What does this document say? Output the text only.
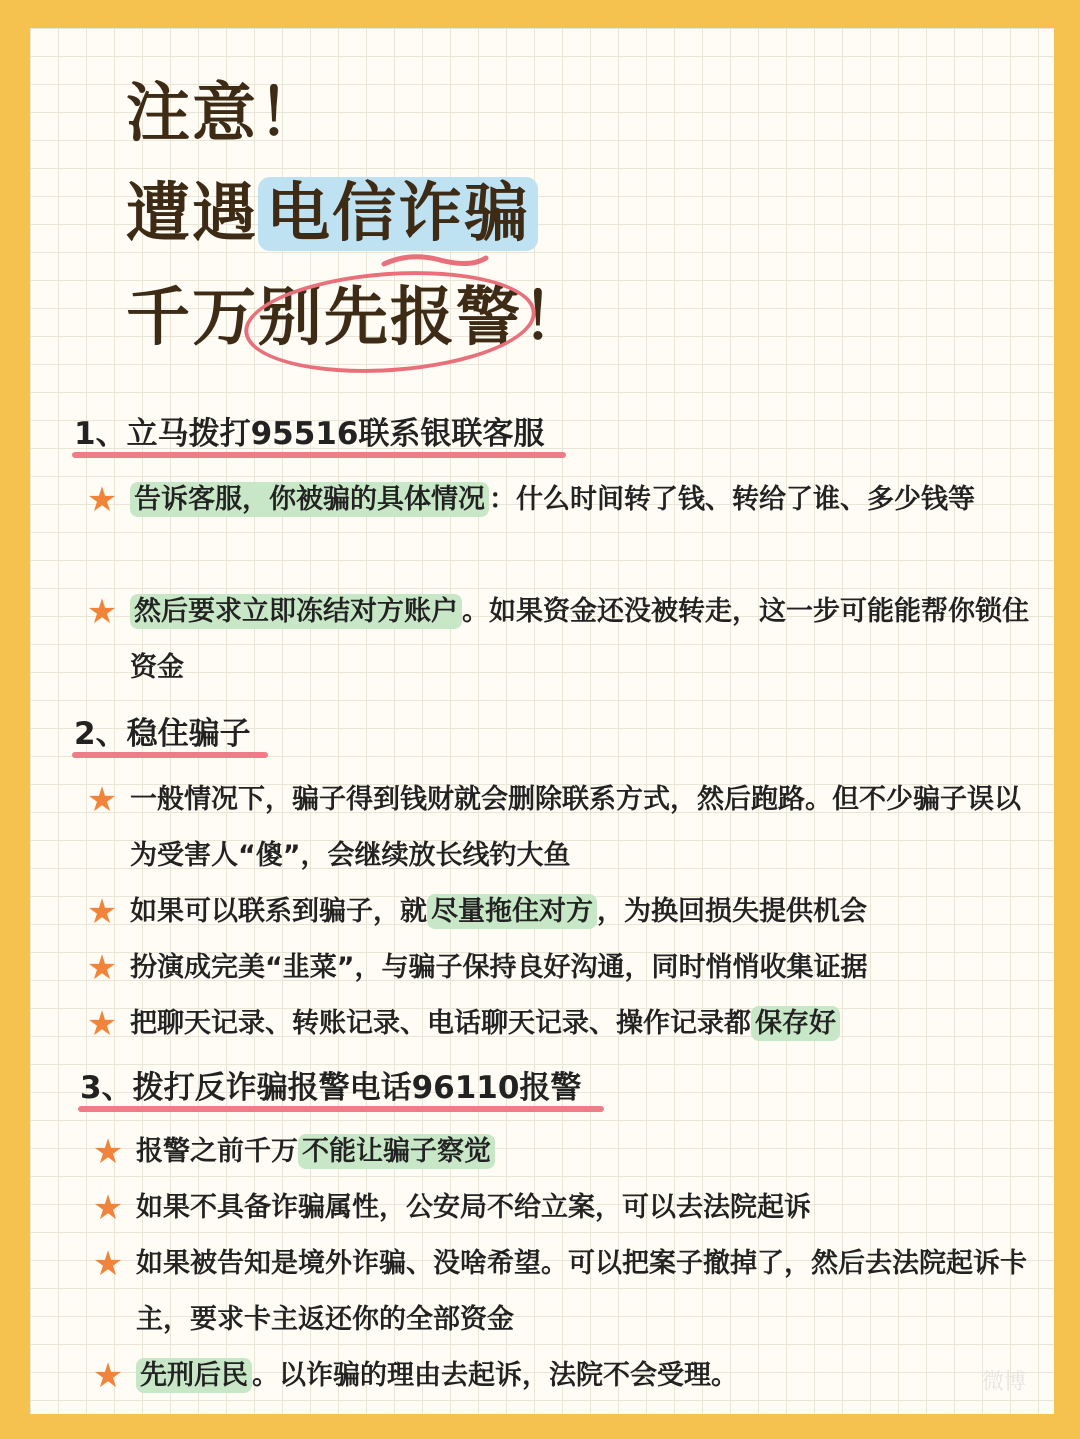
注意！
遭遇 电信诈骗
千万
别先报警！
1、立马拨打95516联系银联客服
★ 告诉客服，你被骗的具体情况 ：什么时间转了钱、转给了谁、多少钱等
★ 然后要求立即冻结对方账户 。如果资金还没被转走，这一步可能能帮你锁住资金
2、稳住骗子
★ 一般情况下，骗子得到钱财就会删除联系方式，然后跑路。但不少骗子误以为受害人“傻”，会继续放长线钓大鱼
★ 如果可以联系到骗子，就 尽量拖住对方 ，为换回损失提供机会
★ 扮演成完美“韭菜”，与骗子保持良好沟通，同时悄悄收集证据
★ 把聊天记录、转账记录、电话聊天记录、操作记录都 保存好
3、拨打反诈骗报警电话96110报警
★ 报警之前千万 不能让骗子察觉
★ 如果不具备诈骗属性，公安局不给立案，可以去法院起诉
★ 如果被告知是境外诈骗、没啥希望。可以把案子撤掉了，然后去法院起诉卡主，要求卡主返还你的全部资金
★ 先刑后民 。以诈骗的理由去起诉，法院不会受理。	微博
